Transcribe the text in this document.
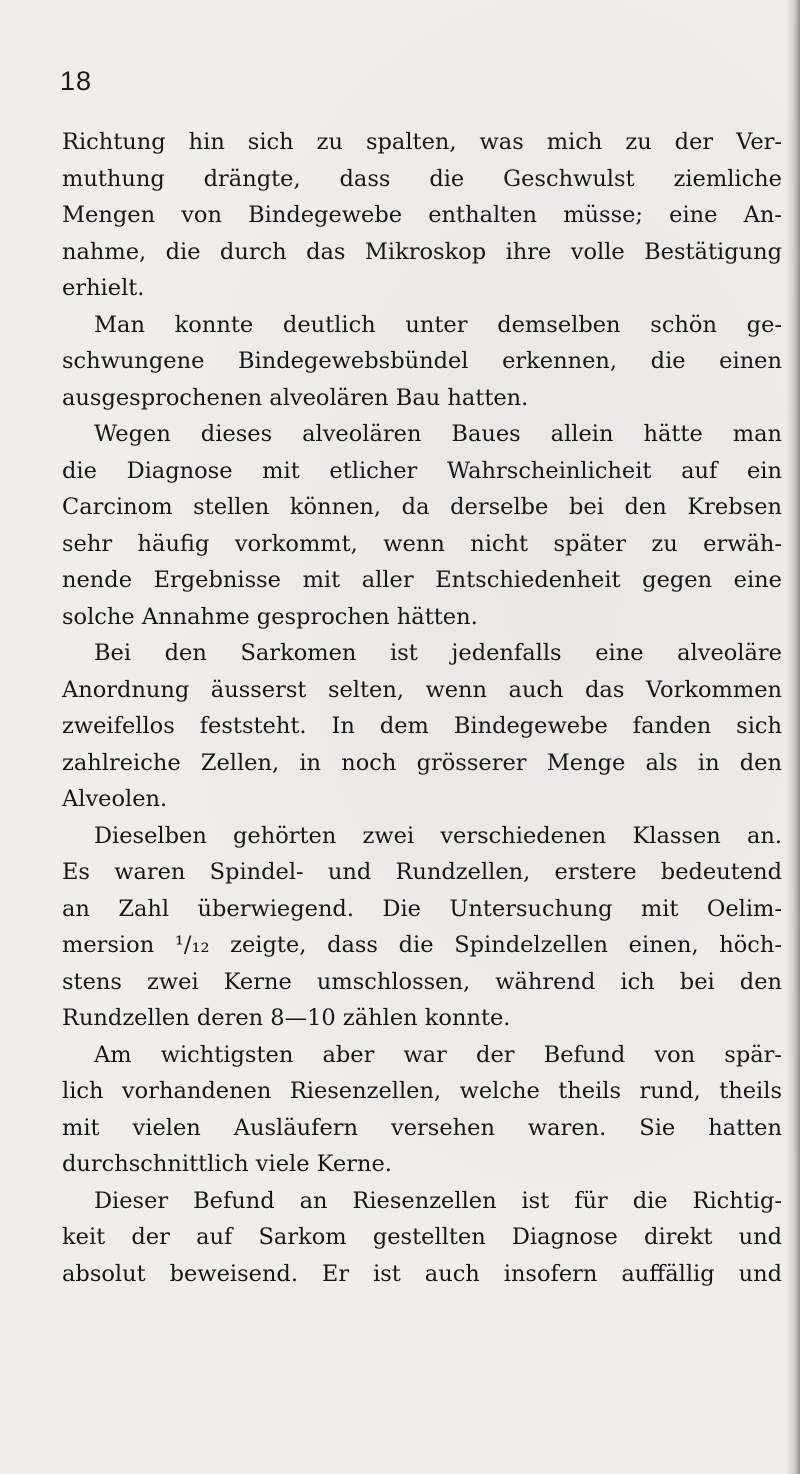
18
Richtung hin sich zu spalten, was mich zu der Ver-
muthung drängte, dass die Geschwulst ziemliche
Mengen von Bindegewebe enthalten müsse; eine An-
nahme, die durch das Mikroskop ihre volle Bestätigung
erhielt.
Man konnte deutlich unter demselben schön ge-
schwungene Bindegewebsbündel erkennen, die einen
ausgesprochenen alveolären Bau hatten.
Wegen dieses alveolären Baues allein hätte man
die Diagnose mit etlicher Wahrscheinlicheit auf ein
Carcinom stellen können, da derselbe bei den Krebsen
sehr häufig vorkommt, wenn nicht später zu erwäh-
nende Ergebnisse mit aller Entschiedenheit gegen eine
solche Annahme gesprochen hätten.
Bei den Sarkomen ist jedenfalls eine alveoläre
Anordnung äusserst selten, wenn auch das Vorkommen
zweifellos feststeht. In dem Bindegewebe fanden sich
zahlreiche Zellen, in noch grösserer Menge als in den
Alveolen.
Dieselben gehörten zwei verschiedenen Klassen an.
Es waren Spindel- und Rundzellen, erstere bedeutend
an Zahl überwiegend. Die Untersuchung mit Oelim-
mersion ¹/₁₂ zeigte, dass die Spindelzellen einen, höch-
stens zwei Kerne umschlossen, während ich bei den
Rundzellen deren 8—10 zählen konnte.
Am wichtigsten aber war der Befund von spär-
lich vorhandenen Riesenzellen, welche theils rund, theils
mit vielen Ausläufern versehen waren. Sie hatten
durchschnittlich viele Kerne.
Dieser Befund an Riesenzellen ist für die Richtig-
keit der auf Sarkom gestellten Diagnose direkt und
absolut beweisend. Er ist auch insofern auffällig und
